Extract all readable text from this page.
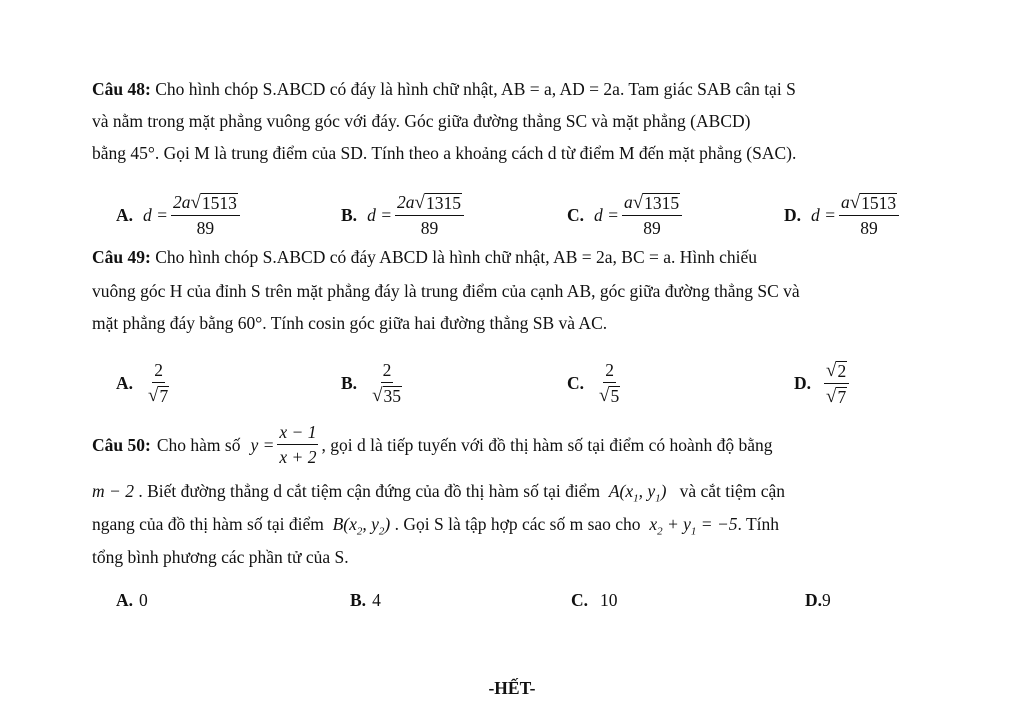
Câu 48: Cho hình chóp S.ABCD có đáy là hình chữ nhật, AB = a, AD = 2a. Tam giác SAB cân tại S
và nằm trong mặt phẳng vuông góc với đáy. Góc giữa đường thẳng SC và mặt phẳng (ABCD)
bằng 45°. Gọi M là trung điểm của SD. Tính theo a khoảng cách d từ điểm M đến mặt phẳng (SAC).
A. $d = \frac{2a √ 1513}{89}$	B. $d = \frac{2a √ 1315}{89}$	C. $d = \frac{a √ 1315}{89}$	D. $d = \frac{a √ 1513}{89}$
Câu 49: Cho hình chóp S.ABCD có đáy ABCD là hình chữ nhật, AB = 2a, BC = a. Hình chiếu
vuông góc H của đỉnh S trên mặt phẳng đáy là trung điểm của cạnh AB, góc giữa đường thẳng SC và
mặt phẳng đáy bằng 60°. Tính cosin góc giữa hai đường thẳng SB và AC.
A. $\frac{2}{√ 7}$	B. $\frac{2}{√ 35}$	C. $\frac{2}{√ 5}$	D. $\frac{√ 2}{√ 7}$
Câu 50: Cho hàm số $y = \frac{x - 1}{x + 2}$ , gọi d là tiếp tuyến với đồ thị hàm số tại điểm có hoành độ bằng
m − 2 . Biết đường thẳng d cắt tiệm cận đứng của đồ thị hàm số tại điểm $A(x_1$, $y_1$) và cắt tiệm cận
ngang của đồ thị hàm số tại điểm $B(x_2$, $y_2$) . Gọi S là tập hợp các số m sao cho $x_2 + y_1 = -5$. Tính
tổng bình phương các phần tử của S.
A. 0	B. 4	C. 10	D. 9
-HẾT-
